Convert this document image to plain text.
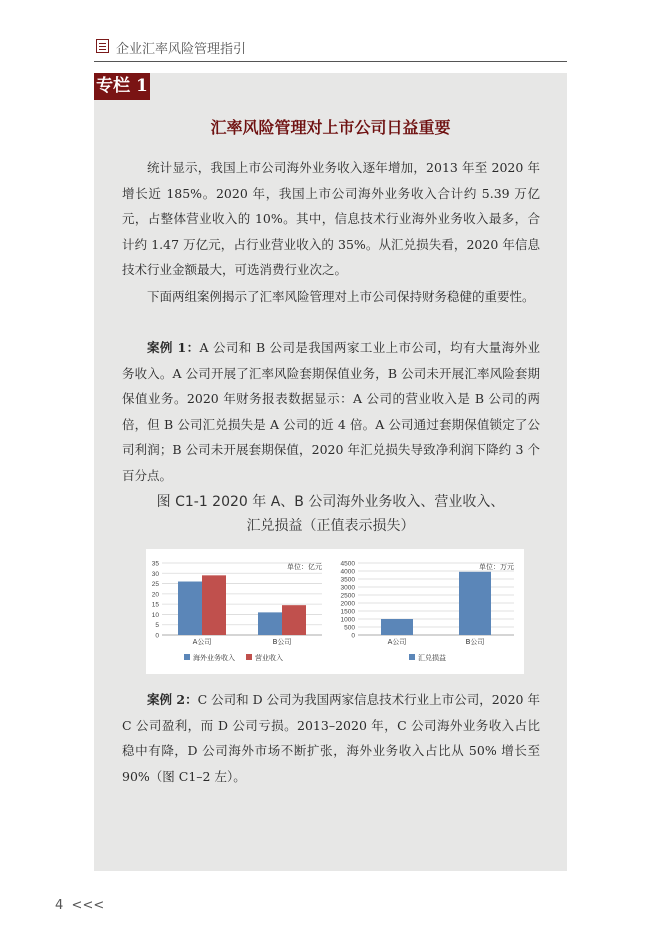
企业汇率风险管理指引
专栏 1
汇率风险管理对上市公司日益重要
统计显示，我国上市公司海外业务收入逐年增加，2013 年至 2020 年增长近 185%。2020 年，我国上市公司海外业务收入合计约 5.39 万亿元，占整体营业收入的 10%。其中，信息技术行业海外业务收入最多，合计约 1.47 万亿元，占行业营业收入的 35%。从汇兑损失看，2020 年信息技术行业金额最大，可选消费行业次之。
下面两组案例揭示了汇率风险管理对上市公司保持财务稳健的重要性。
案例 1：A 公司和 B 公司是我国两家工业上市公司，均有大量海外业务收入。A 公司开展了汇率风险套期保值业务，B 公司未开展汇率风险套期保值业务。2020 年财务报表数据显示：A 公司的营业收入是 B 公司的两倍，但 B 公司汇兑损失是 A 公司的近 4 倍。A 公司通过套期保值锁定了公司利润；B 公司未开展套期保值，2020 年汇兑损失导致净利润下降约 3 个百分点。
图 C1-1 2020 年 A、B 公司海外业务收入、营业收入、
汇兑损益（正值表示损失）
0
5
10
15
20
25
30
35	单位：亿元
A公司	B公司
海外业务收入	营业收入
0
500
1000
1500
2000
2500
3000
3500
4000
4500	单位：万元
A公司	B公司
汇兑损益
案例 2：C 公司和 D 公司为我国两家信息技术行业上市公司，2020 年 C 公司盈利，而 D 公司亏损。2013–2020 年，C 公司海外业务收入占比稳中有降，D 公司海外市场不断扩张，海外业务收入占比从 50% 增长至 90%（图 C1–2 左）。
4 <<<
